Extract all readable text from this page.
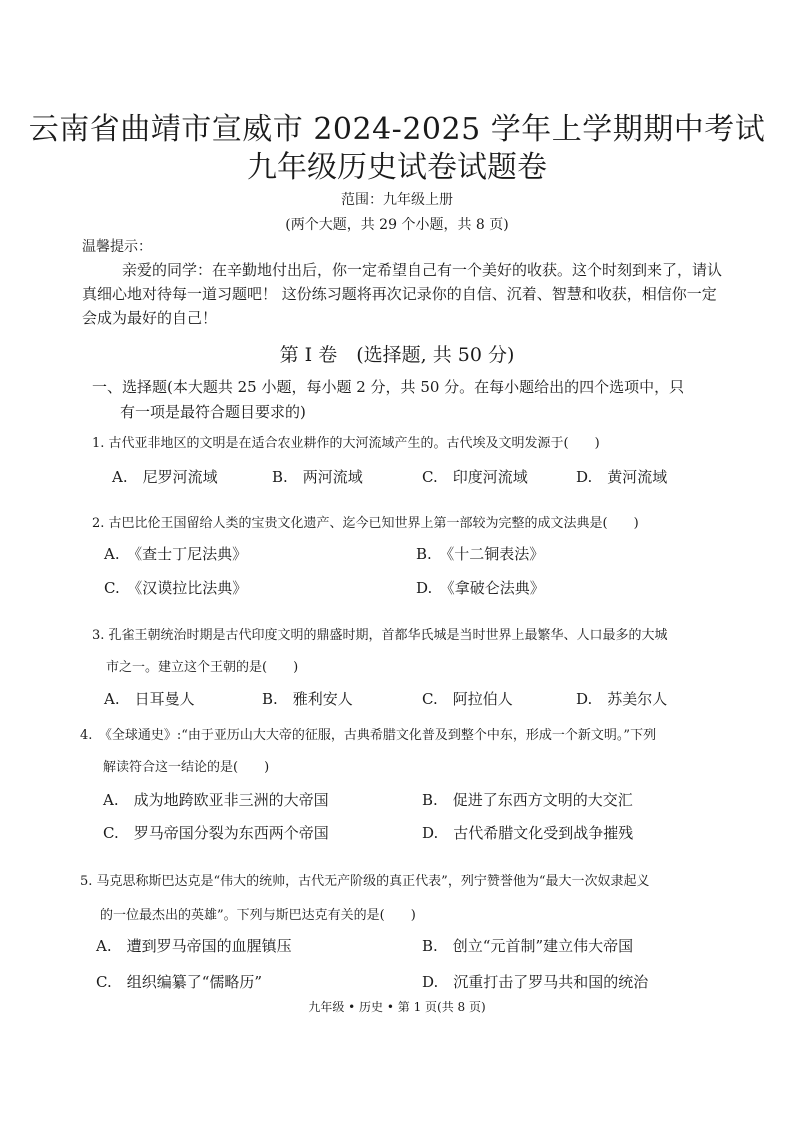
云南省曲靖市宣威市 2024-2025 学年上学期期中考试
九年级历史试卷试题卷
范围：九年级上册
(两个大题，共 29 个小题，共 8 页)
温馨提示：
亲爱的同学：在辛勤地付出后，你一定希望自己有一个美好的收获。这个时刻到来了，请认真细心地对待每一道习题吧！ 这份练习题将再次记录你的自信、沉着、智慧和收获，相信你一定会成为最好的自己！
第 I 卷　(选择题, 共 50 分)
一、选择题(本大题共 25 小题，每小题 2 分，共 50 分。在每小题给出的四个选项中，只
有一项是最符合题目要求的)
1. 古代亚非地区的文明是在适合农业耕作的大河流域产生的。古代埃及文明发源于(　　)
A.　尼罗河流域	B.　两河流域	C.　印度河流域	D.　黄河流域
2. 古巴比伦王国留给人类的宝贵文化遗产、迄今已知世界上第一部较为完整的成文法典是(　　)
A.　《查士丁尼法典》	B.　《十二铜表法》
C.　《汉谟拉比法典》	D.　《拿破仑法典》
3. 孔雀王朝统治时期是古代印度文明的鼎盛时期，首都华氏城是当时世界上最繁华、人口最多的大城
市之一。建立这个王朝的是(　　)
A.　日耳曼人	B.　雅利安人	C.　阿拉伯人	D.　苏美尔人
4.　《全球通史》:“由于亚历山大大帝的征服，古典希腊文化普及到整个中东，形成一个新文明。”下列
解读符合这一结论的是(　　)
A.　成为地跨欧亚非三洲的大帝国	B.　促进了东西方文明的大交汇
C.　罗马帝国分裂为东西两个帝国	D.　古代希腊文化受到战争摧残
5. 马克思称斯巴达克是“伟大的统帅，古代无产阶级的真正代表”，列宁赞誉他为“最大一次奴隶起义
的一位最杰出的英雄”。下列与斯巴达克有关的是(　　)
A.　遭到罗马帝国的血腥镇压	B.　创立“元首制”建立伟大帝国
C.　组织编纂了“儒略历”	D.　沉重打击了罗马共和国的统治
九年级 • 历史 • 第 1 页(共 8 页)
